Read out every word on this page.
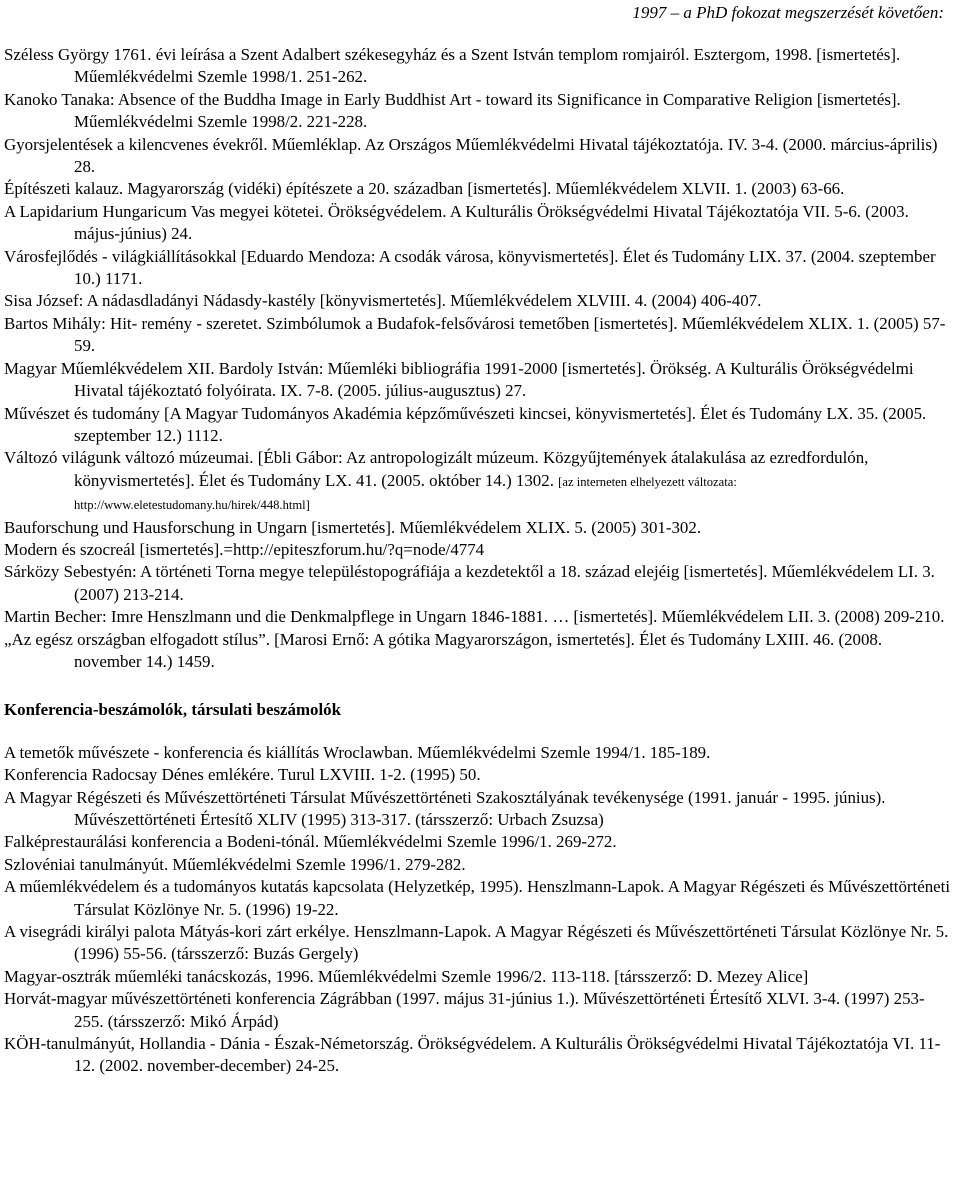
1997 – a PhD fokozat megszerzését követően:

Széless György 1761. évi leírása a Szent Adalbert székesegyház és a Szent István templom romjairól. Esztergom, 1998. [ismertetés]. Műemlékvédelmi Szemle 1998/1. 251-262.

Kanoko Tanaka: Absence of the Buddha Image in Early Buddhist Art - toward its Significance in Comparative Religion [ismertetés]. Műemlékvédelmi Szemle 1998/2. 221-228.

Gyorsjelentések a kilencvenes évekről. Műemléklap. Az Országos Műemlékvédelmi Hivatal tájékoztatója. IV. 3-4. (2000. március-április) 28.

Építészeti kalauz. Magyarország (vidéki) építészete a 20. században [ismertetés]. Műemlékvédelem XLVII. 1. (2003) 63-66.

A Lapidarium Hungaricum Vas megyei kötetei. Örökségvédelem. A Kulturális Örökségvédelmi Hivatal Tájékoztatója VII. 5-6. (2003. május-június) 24.

Városfejlődés - világkiállításokkal [Eduardo Mendoza: A csodák városa, könyvismertetés]. Élet és Tudomány LIX. 37. (2004. szeptember 10.) 1171.

Sisa József: A nádasdladányi Nádasdy-kastély [könyvismertetés]. Műemlékvédelem XLVIII. 4. (2004) 406-407.

Bartos Mihály: Hit- remény - szeretet. Szimbólumok a Budafok-felsővárosi temetőben [ismertetés]. Műemlékvédelem XLIX. 1. (2005) 57-59.

Magyar Műemlékvédelem XII. Bardoly István: Műemléki bibliográfia 1991-2000 [ismertetés]. Örökség. A Kulturális Örökségvédelmi Hivatal tájékoztató folyóirata. IX. 7-8. (2005. július-augusztus) 27.

Művészet és tudomány [A Magyar Tudományos Akadémia képzőművészeti kincsei, könyvismertetés]. Élet és Tudomány LX. 35. (2005. szeptember 12.) 1112.

Változó világunk változó múzeumai. [Ébli Gábor: Az antropologizált múzeum. Közgyűjtemények átalakulása az ezredfordulón, könyvismertetés]. Élet és Tudomány LX. 41. (2005. október 14.) 1302. [az interneten elhelyezett változata: http://www.eletestudomany.hu/hirek/448.html]

Bauforschung und Hausforschung in Ungarn [ismertetés]. Műemlékvédelem XLIX. 5. (2005) 301-302.

Modern és szocreál [ismertetés].=http://epiteszforum.hu/?q=node/4774

Sárközy Sebestyén: A történeti Torna megye településtopográfiája a kezdetektől a 18. század elejéig [ismertetés]. Műemlékvédelem LI. 3. (2007) 213-214.

Martin Becher: Imre Henszlmann und die Denkmalpflege in Ungarn 1846-1881. … [ismertetés]. Műemlékvédelem LII. 3. (2008) 209-210.

„Az egész országban elfogadott stílus”. [Marosi Ernő: A gótika Magyarországon, ismertetés]. Élet és Tudomány LXIII. 46. (2008. november 14.) 1459.

Konferencia-beszámolók, társulati beszámolók

A temetők művészete - konferencia és kiállítás Wroclawban. Műemlékvédelmi Szemle 1994/1. 185-189.

Konferencia Radocsay Dénes emlékére. Turul LXVIII. 1-2. (1995) 50.

A Magyar Régészeti és Művészettörténeti Társulat Művészettörténeti Szakosztályának tevékenysége (1991. január - 1995. június). Művészettörténeti Értesítő XLIV (1995) 313-317. (társszerző: Urbach Zsuzsa)

Falképrestaurálási konferencia a Bodeni-tónál. Műemlékvédelmi Szemle 1996/1. 269-272.

Szlovéniai tanulmányút. Műemlékvédelmi Szemle 1996/1. 279-282.

A műemlékvédelem és a tudományos kutatás kapcsolata (Helyzetkép, 1995). Henszlmann-Lapok. A Magyar Régészeti és Művészettörténeti Társulat Közlönye Nr. 5. (1996) 19-22.

A visegrádi királyi palota Mátyás-kori zárt erkélye. Henszlmann-Lapok. A Magyar Régészeti és Művészettörténeti Társulat Közlönye Nr. 5. (1996) 55-56. (társszerző: Buzás Gergely)

Magyar-osztrák műemléki tanácskozás, 1996. Műemlékvédelmi Szemle 1996/2. 113-118. [társszerző: D. Mezey Alice]

Horvát-magyar művészettörténeti konferencia Zágrábban (1997. május 31-június 1.). Művészettörténeti Értesítő XLVI. 3-4. (1997) 253-255. (társszerző: Mikó Árpád)

KÖH-tanulmányút, Hollandia - Dánia - Észak-Németország. Örökségvédelem. A Kulturális Örökségvédelmi Hivatal Tájékoztatója VI. 11-12. (2002. november-december) 24-25.
